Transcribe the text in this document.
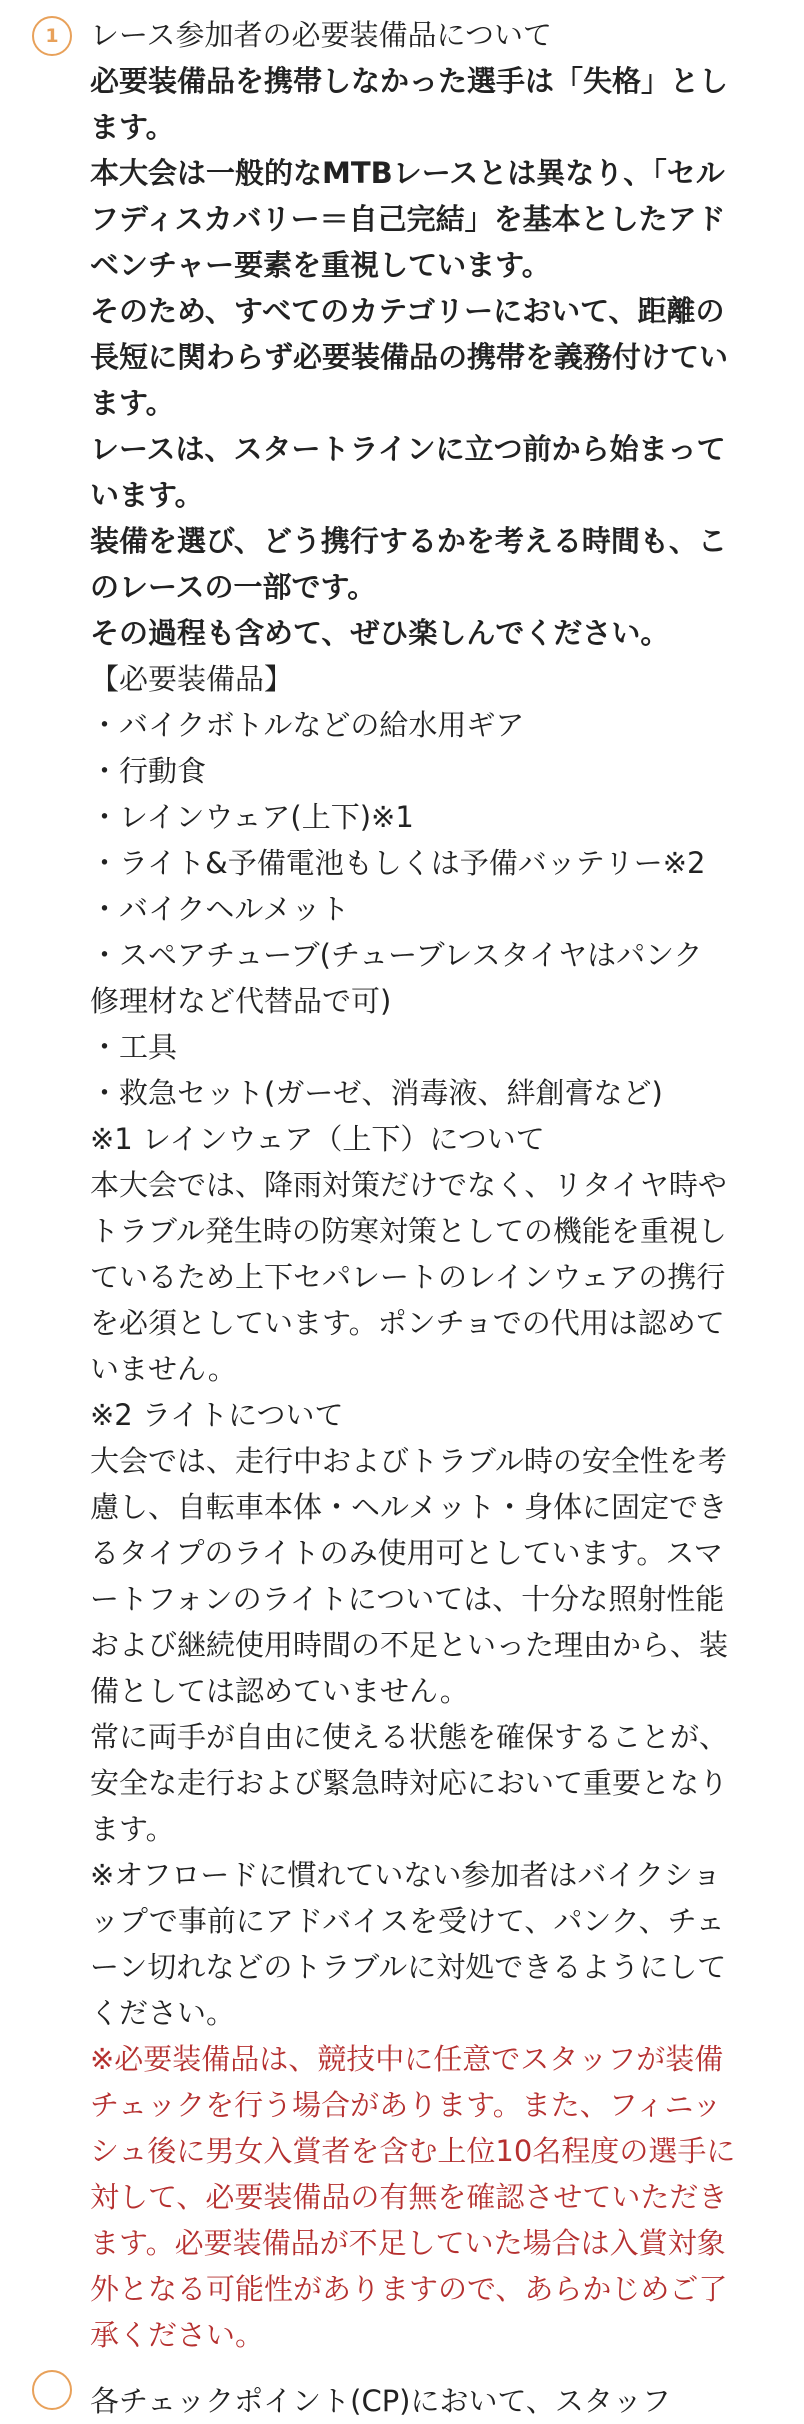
1	レース参加者の必要装備品について
必要装備品を携帯しなかった選手は「失格」とし
ます。
本大会は一般的なMTBレースとは異なり、「セル
フディスカバリー＝自己完結」を基本としたアド
ベンチャー要素を重視しています。
そのため、すべてのカテゴリーにおいて、距離の
長短に関わらず必要装備品の携帯を義務付けてい
ます。
レースは、スタートラインに立つ前から始まって
います。
装備を選び、どう携行するかを考える時間も、こ
のレースの一部です。
その過程も含めて、ぜひ楽しんでください。
【必要装備品】
・バイクボトルなどの給水用ギア
・行動食
・レインウェア(上下)※1
・ライト&予備電池もしくは予備バッテリー※2
・バイクヘルメット
・スペアチューブ(チューブレスタイヤはパンク
修理材など代替品で可)
・工具
・救急セット(ガーゼ、消毒液、絆創膏など)
※1 レインウェア（上下）について
本大会では、降雨対策だけでなく、リタイヤ時や
トラブル発生時の防寒対策としての機能を重視し
ているため上下セパレートのレインウェアの携行
を必須としています。ポンチョでの代用は認めて
いません。
※2 ライトについて
大会では、走行中およびトラブル時の安全性を考
慮し、自転車本体・ヘルメット・身体に固定でき
るタイプのライトのみ使用可としています。スマ
ートフォンのライトについては、十分な照射性能
および継続使用時間の不足といった理由から、装
備としては認めていません。
常に両手が自由に使える状態を確保することが、
安全な走行および緊急時対応において重要となり
ます。
※オフロードに慣れていない参加者はバイクショ
ップで事前にアドバイスを受けて、パンク、チェ
ーン切れなどのトラブルに対処できるようにして
ください。
※必要装備品は、競技中に任意でスタッフが装備
チェックを行う場合があります。また、フィニッ
シュ後に男女入賞者を含む上位10名程度の選手に
対して、必要装備品の有無を確認させていただき
ます。必要装備品が不足していた場合は入賞対象
外となる可能性がありますので、あらかじめご了
承ください。
各チェックポイント(CP)において、スタッフ
